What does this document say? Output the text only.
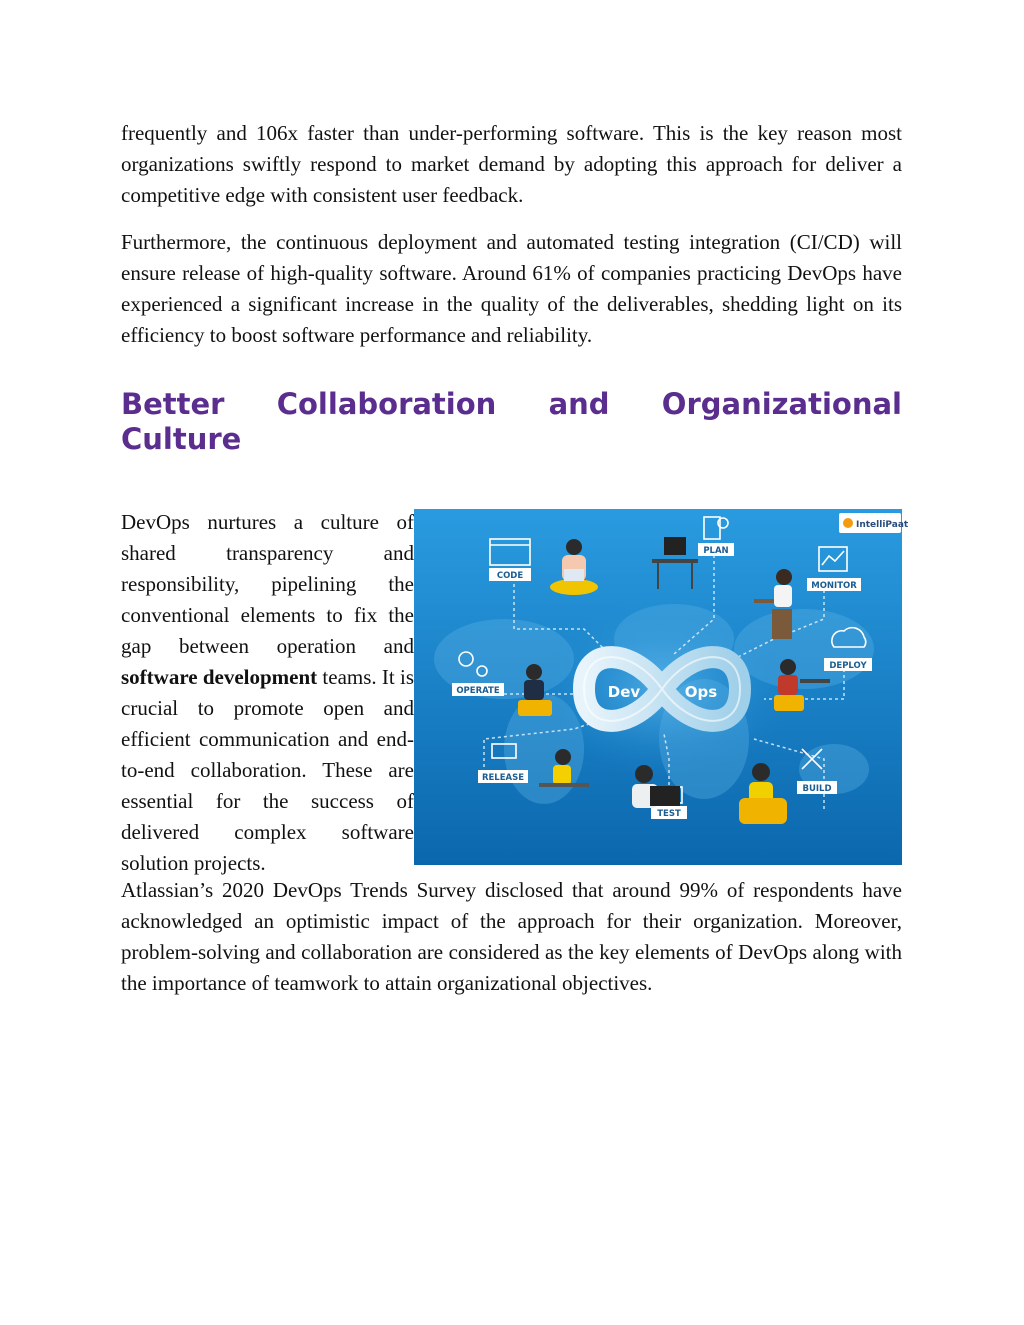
frequently and 106x faster than under-performing software. This is the key reason most organizations swiftly respond to market demand by adopting this approach for deliver a competitive edge with consistent user feedback.

Furthermore, the continuous deployment and automated testing integration (CI/CD) will ensure release of high-quality software. Around 61% of companies practicing DevOps have experienced a significant increase in the quality of the deliverables, shedding light on its efficiency to boost software performance and reliability.

Better Collaboration and Organizational Culture

DevOps nurtures a culture of shared transparency and responsibility, pipelining the conventional elements to fix the gap between operation and software development teams. It is crucial to promote open and efficient communication and end-to-end collaboration. These are essential for the success of delivered complex software solution projects.

Dev	Ops
IntelliPaat
CODE
PLAN
MONITOR
DEPLOY
OPERATE
BUILD
RELEASE
TEST

Atlassian’s 2020 DevOps Trends Survey disclosed that around 99% of respondents have acknowledged an optimistic impact of the approach for their organization. Moreover, problem-solving and collaboration are considered as the key elements of DevOps along with the importance of teamwork to attain organizational objectives.
